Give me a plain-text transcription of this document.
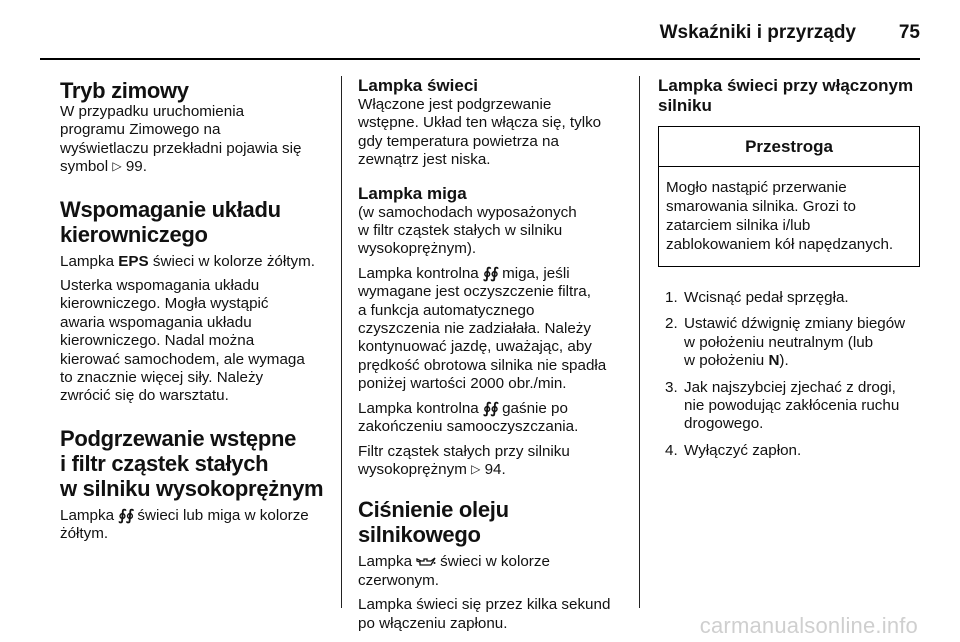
Wskaźniki i przyrządy 75
Tryb zimowy

W przypadku uruchomienia
programu Zimowego na
wyświetlaczu przekładni pojawia się
symbol ▷ 99.

Wspomaganie układu
kierowniczego

Lampka EPS świeci w kolorze żółtym.

Usterka wspomagania układu
kierowniczego. Mogła wystąpić
awaria wspomagania układu
kierowniczego. Nadal można
kierować samochodem, ale wymaga
to znacznie więcej siły. Należy
zwrócić się do warsztatu.

Podgrzewanie wstępne
i filtr cząstek stałych
w silniku wysokoprężnym

Lampka ∮∮ świeci lub miga w kolorze
żółtym.

Lampka świeci

Włączone jest podgrzewanie
wstępne. Układ ten włącza się, tylko
gdy temperatura powietrza na
zewnątrz jest niska.

Lampka miga

(w samochodach wyposażonych
w filtr cząstek stałych w silniku
wysokoprężnym).

Lampka kontrolna ∮∮ miga, jeśli
wymagane jest oczyszczenie filtra,
a funkcja automatycznego
czyszczenia nie zadziałała. Należy
kontynuować jazdę, uważając, aby
prędkość obrotowa silnika nie spadła
poniżej wartości 2000 obr./min.

Lampka kontrolna ∮∮ gaśnie po
zakończeniu samooczyszczania.

Filtr cząstek stałych przy silniku
wysokoprężnym ▷ 94.

Ciśnienie oleju silnikowego

Lampka świeci w kolorze
czerwonym.

Lampka świeci się przez kilka sekund
po włączeniu zapłonu.

Lampka świeci przy włączonym
silniku
Przestroga

Mogło nastąpić przerwanie
smarowania silnika. Grozi to
zatarciem silnika i/lub
zablokowaniem kół napędzanych.

1. Wcisnąć pedał sprzęgła.
2. Ustawić dźwignię zmiany biegów
w położeniu neutralnym (lub
w położeniu N).
3. Jak najszybciej zjechać z drogi,
nie powodując zakłócenia ruchu
drogowego.
4. Wyłączyć zapłon.
carmanualsonline.info
